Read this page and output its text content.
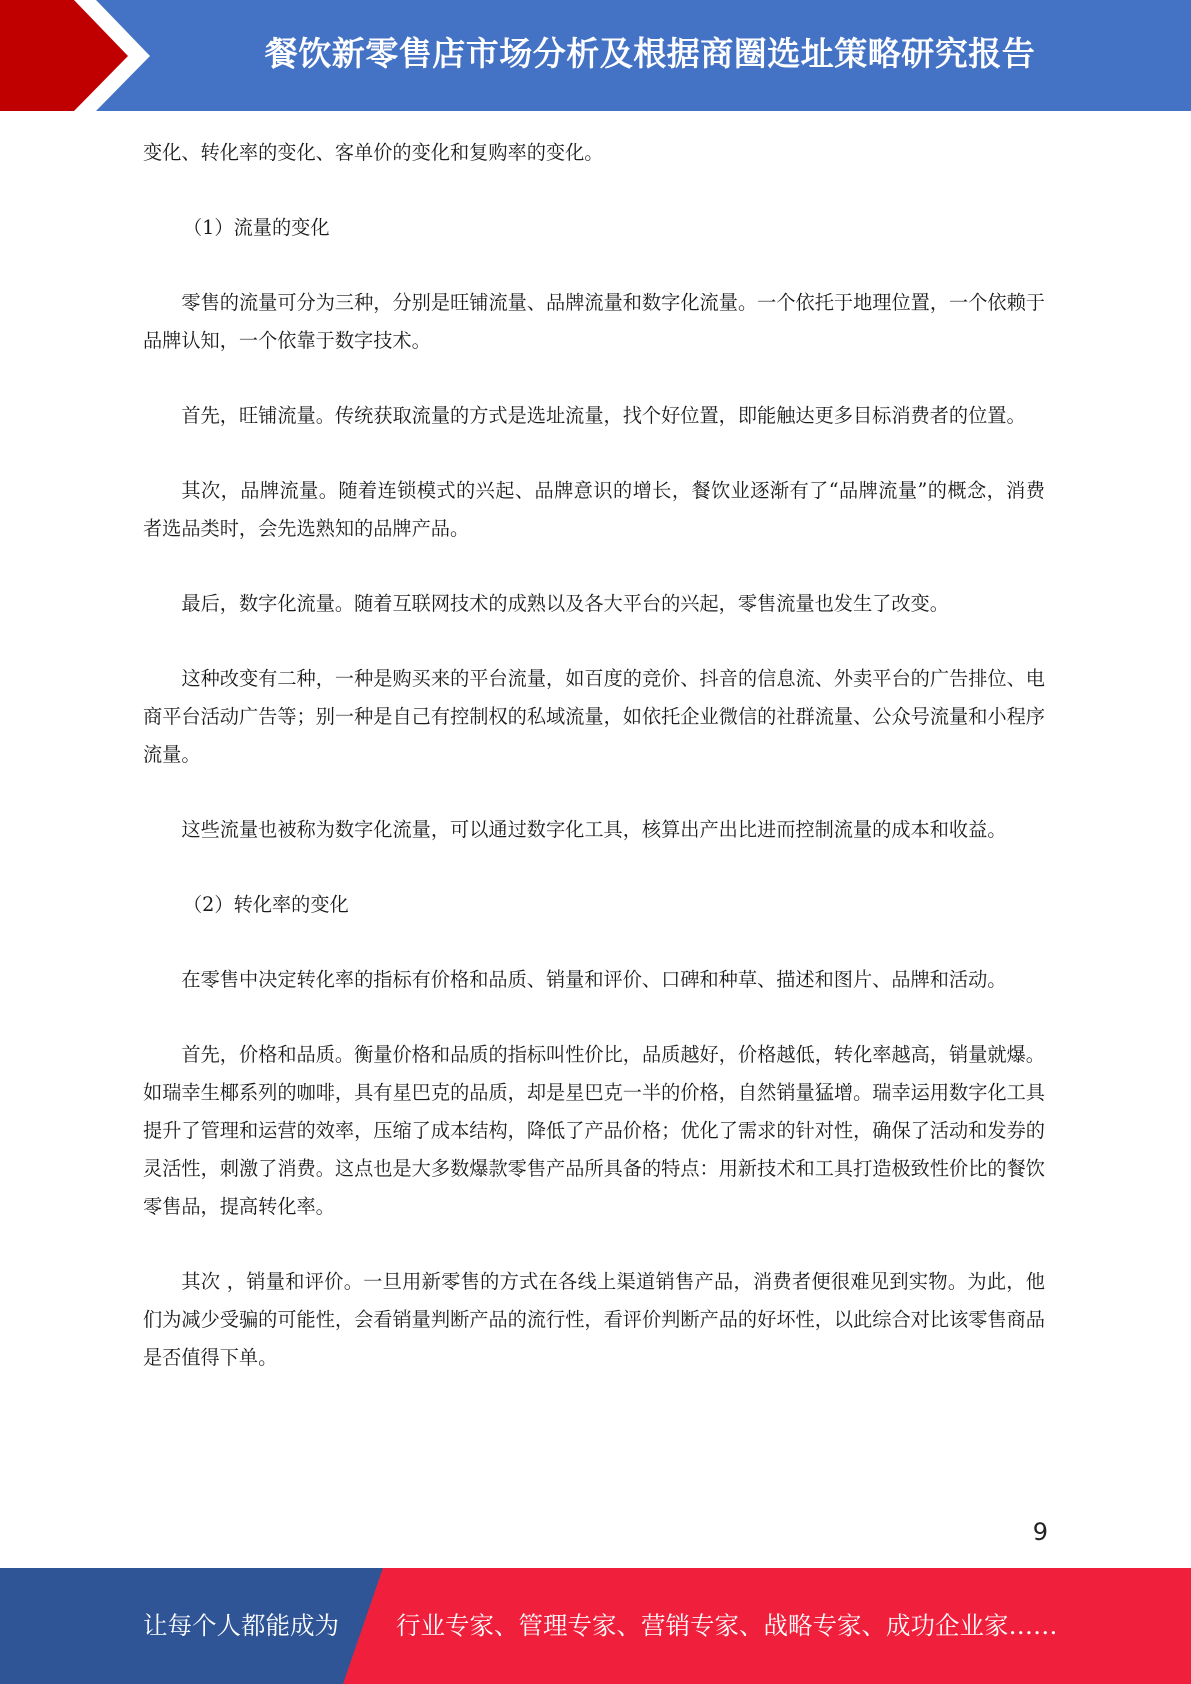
餐饮新零售店市场分析及根据商圈选址策略研究报告

变化、转化率的变化、客单价的变化和复购率的变化。

（1）流量的变化

零售的流量可分为三种，分别是旺铺流量、品牌流量和数字化流量。一个依托于地理位置，一个依赖于品牌认知，一个依靠于数字技术。

首先，旺铺流量。传统获取流量的方式是选址流量，找个好位置，即能触达更多目标消费者的位置。

其次，品牌流量。随着连锁模式的兴起、品牌意识的增长，餐饮业逐渐有了“品牌流量”的概念，消费者选品类时，会先选熟知的品牌产品。

最后，数字化流量。随着互联网技术的成熟以及各大平台的兴起，零售流量也发生了改变。

这种改变有二种，一种是购买来的平台流量，如百度的竞价、抖音的信息流、外卖平台的广告排位、电商平台活动广告等；别一种是自己有控制权的私域流量，如依托企业微信的社群流量、公众号流量和小程序流量。

这些流量也被称为数字化流量，可以通过数字化工具，核算出产出比进而控制流量的成本和收益。

（2）转化率的变化

在零售中决定转化率的指标有价格和品质、销量和评价、口碑和种草、描述和图片、品牌和活动。

首先，价格和品质。衡量价格和品质的指标叫性价比，品质越好，价格越低，转化率越高，销量就爆。如瑞幸生椰系列的咖啡，具有星巴克的品质，却是星巴克一半的价格，自然销量猛增。瑞幸运用数字化工具提升了管理和运营的效率，压缩了成本结构，降低了产品价格；优化了需求的针对性，确保了活动和发券的灵活性，刺激了消费。这点也是大多数爆款零售产品所具备的特点：用新技术和工具打造极致性价比的餐饮零售品，提高转化率。

其次 ，销量和评价。一旦用新零售的方式在各线上渠道销售产品，消费者便很难见到实物。为此，他们为减少受骗的可能性，会看销量判断产品的流行性，看评价判断产品的好坏性，以此综合对比该零售商品是否值得下单。

9
让每个人都能成为 行业专家、管理专家、营销专家、战略专家、成功企业家……
